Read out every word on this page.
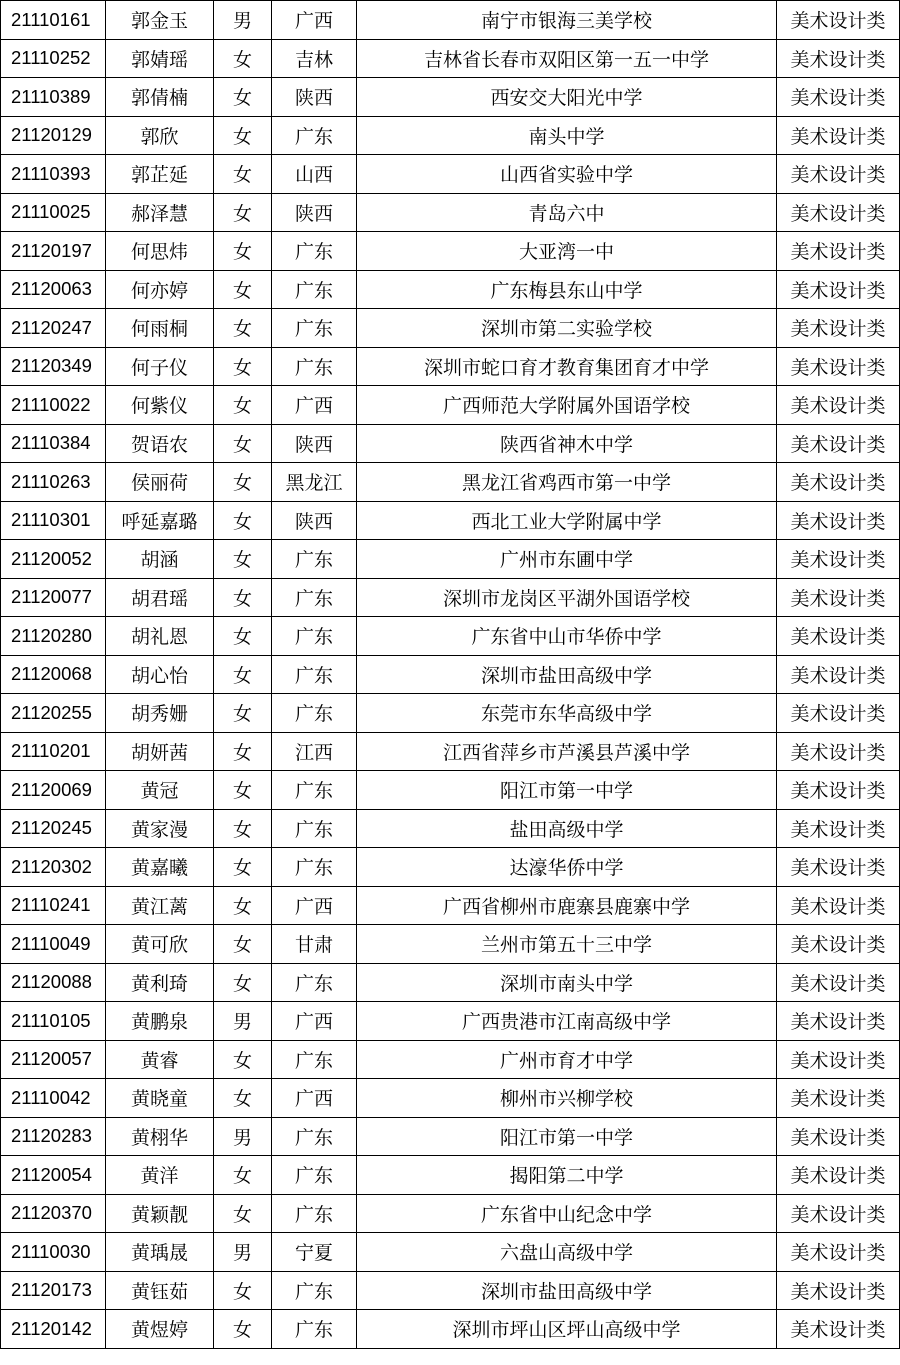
21110161	郭金玉	男	广西	南宁市银海三美学校	美术设计类
21110252	郭婧瑶	女	吉林	吉林省长春市双阳区第一五一中学	美术设计类
21110389	郭倩楠	女	陕西	西安交大阳光中学	美术设计类
21120129	郭欣	女	广东	南头中学	美术设计类
21110393	郭芷延	女	山西	山西省实验中学	美术设计类
21110025	郝泽慧	女	陕西	青岛六中	美术设计类
21120197	何思炜	女	广东	大亚湾一中	美术设计类
21120063	何亦婷	女	广东	广东梅县东山中学	美术设计类
21120247	何雨桐	女	广东	深圳市第二实验学校	美术设计类
21120349	何子仪	女	广东	深圳市蛇口育才教育集团育才中学	美术设计类
21110022	何紫仪	女	广西	广西师范大学附属外国语学校	美术设计类
21110384	贺语农	女	陕西	陕西省神木中学	美术设计类
21110263	侯丽荷	女	黑龙江	黑龙江省鸡西市第一中学	美术设计类
21110301	呼延嘉璐	女	陕西	西北工业大学附属中学	美术设计类
21120052	胡涵	女	广东	广州市东圃中学	美术设计类
21120077	胡君瑶	女	广东	深圳市龙岗区平湖外国语学校	美术设计类
21120280	胡礼恩	女	广东	广东省中山市华侨中学	美术设计类
21120068	胡心怡	女	广东	深圳市盐田高级中学	美术设计类
21120255	胡秀姗	女	广东	东莞市东华高级中学	美术设计类
21110201	胡妍茜	女	江西	江西省萍乡市芦溪县芦溪中学	美术设计类
21120069	黄冠	女	广东	阳江市第一中学	美术设计类
21120245	黄家漫	女	广东	盐田高级中学	美术设计类
21120302	黄嘉曦	女	广东	达濠华侨中学	美术设计类
21110241	黄江蓠	女	广西	广西省柳州市鹿寨县鹿寨中学	美术设计类
21110049	黄可欣	女	甘肃	兰州市第五十三中学	美术设计类
21120088	黄利琦	女	广东	深圳市南头中学	美术设计类
21110105	黄鹏泉	男	广西	广西贵港市江南高级中学	美术设计类
21120057	黄睿	女	广东	广州市育才中学	美术设计类
21110042	黄晓童	女	广西	柳州市兴柳学校	美术设计类
21120283	黄栩华	男	广东	阳江市第一中学	美术设计类
21120054	黄洋	女	广东	揭阳第二中学	美术设计类
21120370	黄颖靓	女	广东	广东省中山纪念中学	美术设计类
21110030	黄瑀晟	男	宁夏	六盘山高级中学	美术设计类
21120173	黄钰茹	女	广东	深圳市盐田高级中学	美术设计类
21120142	黄煜婷	女	广东	深圳市坪山区坪山高级中学	美术设计类
